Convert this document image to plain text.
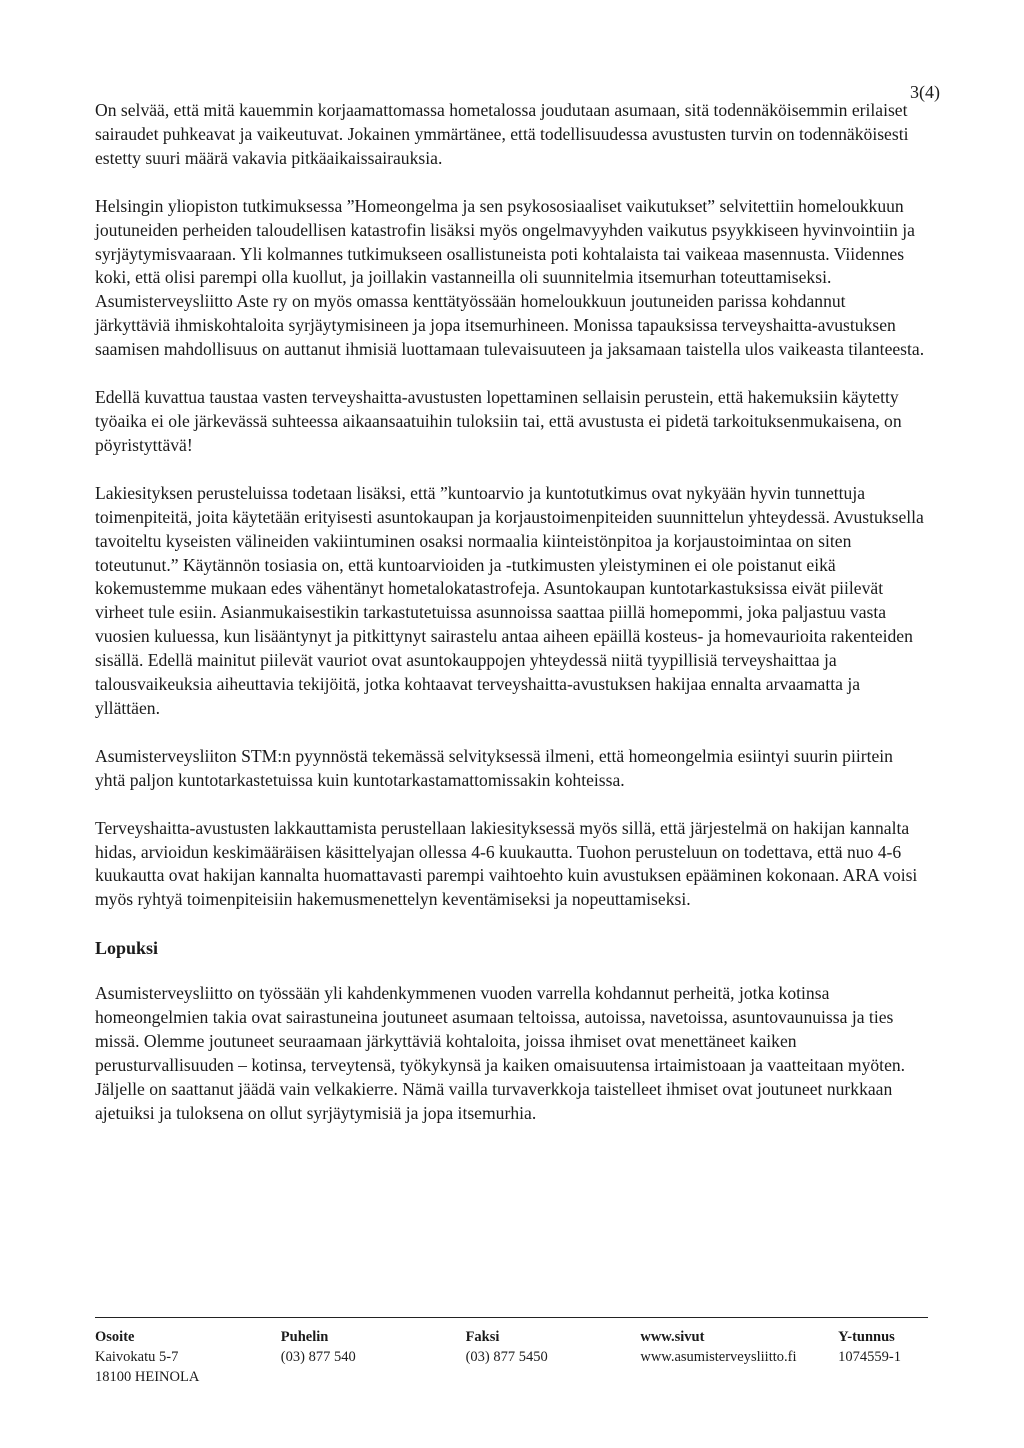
3(4)

On selvää, että mitä kauemmin korjaamattomassa hometalossa joudutaan asumaan, sitä todennäköisemmin erilaiset sairaudet puhkeavat ja vaikeutuvat. Jokainen ymmärtänee, että todellisuudessa avustusten turvin on todennäköisesti estetty suuri määrä vakavia pitkäaikaissairauksia.

Helsingin yliopiston tutkimuksessa ”Homeongelma ja sen psykososiaaliset vaikutukset” selvitettiin homeloukkuun joutuneiden perheiden taloudellisen katastrofin lisäksi myös ongelmavyyhden vaikutus psyykkiseen hyvinvointiin ja syrjäytymisvaaraan. Yli kolmannes tutkimukseen osallistuneista poti kohtalaista tai vaikeaa masennusta. Viidennes koki, että olisi parempi olla kuollut, ja joillakin vastanneilla oli suunnitelmia itsemurhan toteuttamiseksi. Asumisterveysliitto Aste ry on myös omassa kenttätyössään homeloukkuun joutuneiden parissa kohdannut järkyttäviä ihmiskohtaloita syrjäytymisineen ja jopa itsemurhineen. Monissa tapauksissa terveyshaitta-avustuksen saamisen mahdollisuus on auttanut ihmisiä luottamaan tulevaisuuteen ja jaksamaan taistella ulos vaikeasta tilanteesta.

Edellä kuvattua taustaa vasten terveyshaitta-avustusten lopettaminen sellaisin perustein, että hakemuksiin käytetty työaika ei ole järkevässä suhteessa aikaansaatuihin tuloksiin tai, että avustusta ei pidetä tarkoituksenmukaisena, on pöyristyttävä!

Lakiesityksen perusteluissa todetaan lisäksi, että ”kuntoarvio ja kuntotutkimus ovat nykyään hyvin tunnettuja toimenpiteitä, joita käytetään erityisesti asuntokaupan ja korjaustoimenpiteiden suunnittelun yhteydessä. Avustuksella tavoiteltu kyseisten välineiden vakiintuminen osaksi normaalia kiinteistönpitoa ja korjaustoimintaa on siten toteutunut.” Käytännön tosiasia on, että kuntoarvioiden ja -tutkimusten yleistyminen ei ole poistanut eikä kokemustemme mukaan edes vähentänyt hometalokatastrofeja. Asuntokaupan kuntotarkastuksissa eivät piilevät virheet tule esiin. Asianmukaisestikin tarkastutetuissa asunnoissa saattaa piillä homepommi, joka paljastuu vasta vuosien kuluessa, kun lisääntynyt ja pitkittynyt sairastelu antaa aiheen epäillä kosteus- ja homevaurioita rakenteiden sisällä. Edellä mainitut piilevät vauriot ovat asuntokauppojen yhteydessä niitä tyypillisiä terveyshaittaa ja talousvaikeuksia aiheuttavia tekijöitä, jotka kohtaavat terveyshaitta-avustuksen hakijaa ennalta arvaamatta ja yllättäen.

Asumisterveysliiton STM:n pyynnöstä tekemässä selvityksessä ilmeni, että homeongelmia esiintyi suurin piirtein yhtä paljon kuntotarkastetuissa kuin kuntotarkastamattomissakin kohteissa.

Terveyshaitta-avustusten lakkauttamista perustellaan lakiesityksessä myös sillä, että järjestelmä on hakijan kannalta hidas, arvioidun keskimääräisen käsittelyajan ollessa 4-6 kuukautta. Tuohon perusteluun on todettava, että nuo 4-6 kuukautta ovat hakijan kannalta huomattavasti parempi vaihtoehto kuin avustuksen epääminen kokonaan. ARA voisi myös ryhtyä toimenpiteisiin hakemusmenettelyn keventämiseksi ja nopeuttamiseksi.

Lopuksi

Asumisterveysliitto on työssään yli kahdenkymmenen vuoden varrella kohdannut perheitä, jotka kotinsa homeongelmien takia ovat sairastuneina joutuneet asumaan teltoissa, autoissa, navetoissa, asuntovaunuissa ja ties missä. Olemme joutuneet seuraamaan järkyttäviä kohtaloita, joissa ihmiset ovat menettäneet kaiken perusturvallisuuden – kotinsa, terveytensä, työkykynsä ja kaiken omaisuutensa irtaimistoaan ja vaatteitaan myöten. Jäljelle on saattanut jäädä vain velkakierre. Nämä vailla turvaverkkoja taistelleet ihmiset ovat joutuneet nurkkaan ajetuiksi ja tuloksena on ollut syrjäytymisiä ja jopa itsemurhia.

Osoite
Kaivokatu 5-7
18100 HEINOLA
Puhelin
(03) 877 540
Faksi
(03) 877 5450
www.sivut
www.asumisterveysliitto.fi
Y-tunnus
1074559-1
